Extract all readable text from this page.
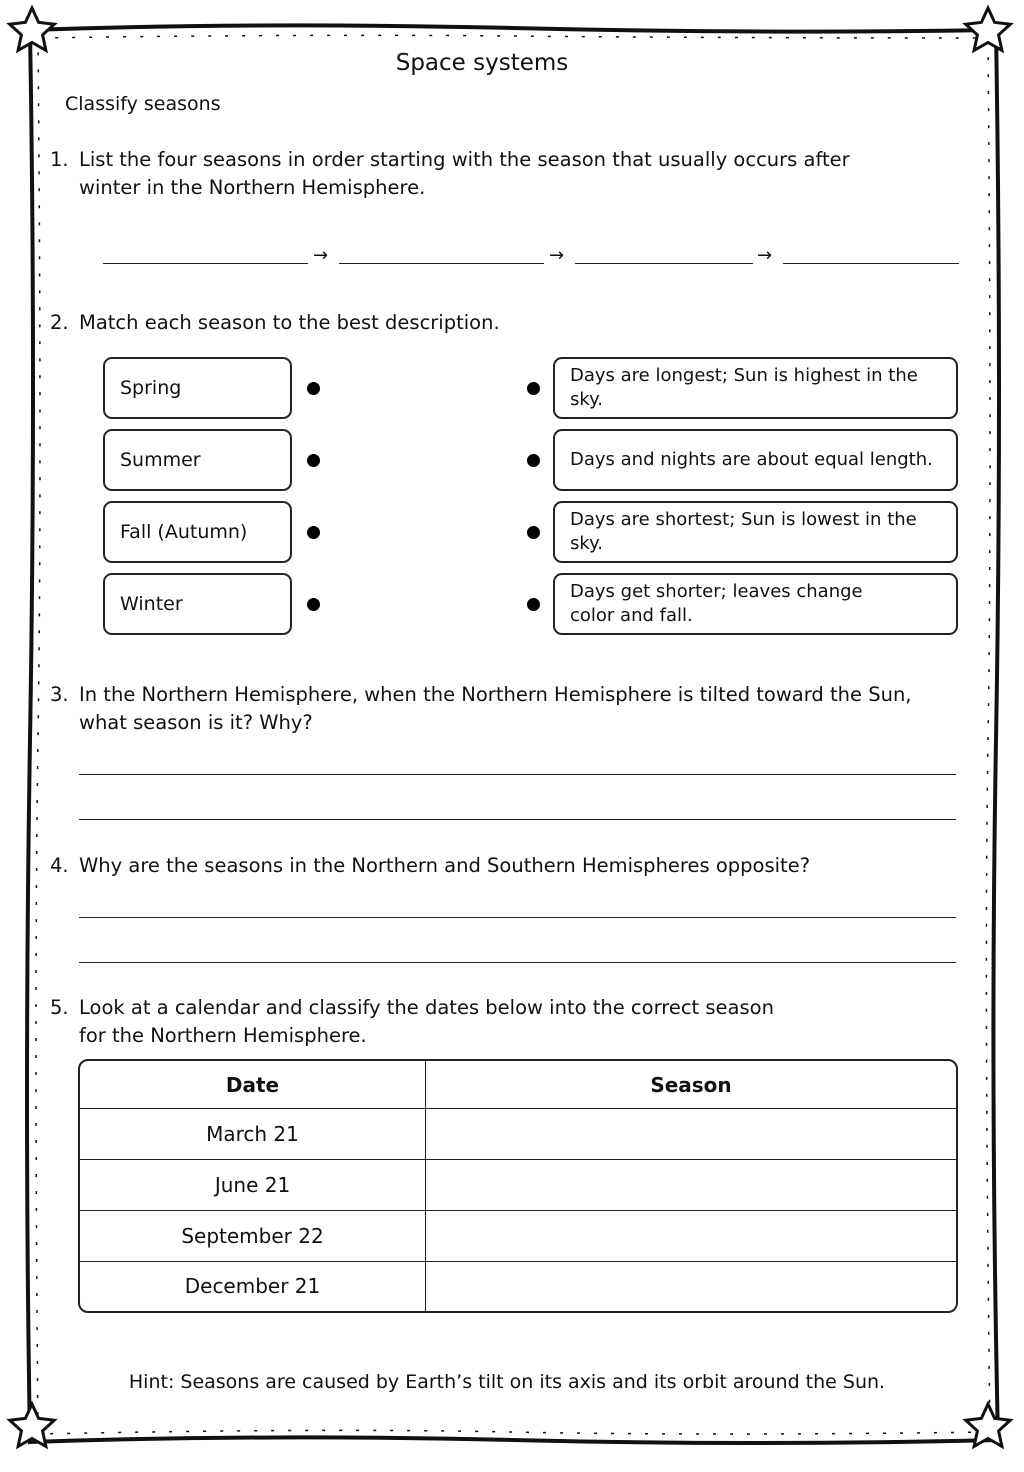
Space systems
Classify seasons
1. List the four seasons in order starting with the season that usually occurs after
winter in the Northern Hemisphere.
→	→	→
2. Match each season to the best description.
Spring
Summer
Fall (Autumn)
Winter
Days are longest; Sun is highest in the sky.
Days and nights are about equal length.
Days are shortest; Sun is lowest in the sky.
Days get shorter; leaves change color and fall.
3. In the Northern Hemisphere, when the Northern Hemisphere is tilted toward the Sun,
what season is it? Why?
4. Why are the seasons in the Northern and Southern Hemispheres opposite?
5. Look at a calendar and classify the dates below into the correct season
for the Northern Hemisphere.
Date	Season
March 21	
June 21	
September 22	
December 21	
Hint: Seasons are caused by Earth’s tilt on its axis and its orbit around the Sun.
